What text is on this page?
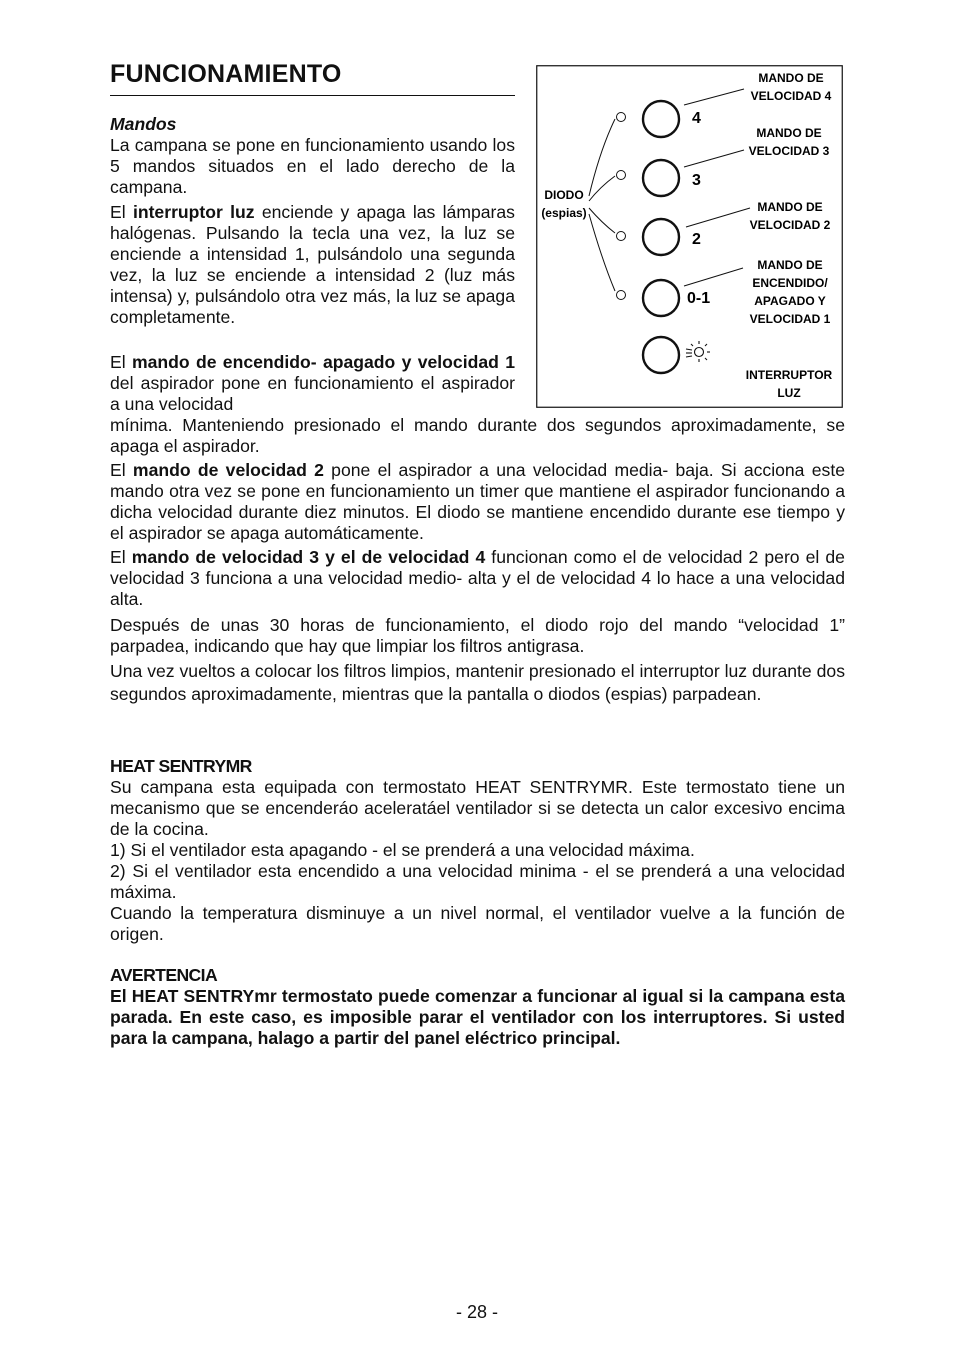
FUNCIONAMIENTO

Mandos

La campana se pone en funcionamiento usando los 5 mandos situados en el lado derecho de la campana.

El interruptor luz enciende y apaga las lámparas halógenas. Pulsando la tecla una vez, la luz se enciende a intensidad 1, pulsándolo una segunda vez, la luz se enciende a intensidad 2 (luz más intensa) y, pulsándolo otra vez más, la luz se apaga completamente.

El mando de encendido- apagado y velocidad 1 del aspirador pone en funcionamiento el aspirador a una velocidad

mínima. Manteniendo presionado el mando durante dos segundos aproximadamente, se apaga el aspirador.

El mando de velocidad 2 pone el aspirador a una velocidad media- baja. Si acciona este mando otra vez se pone en funcionamiento un timer que mantiene el aspirador funcionando a dicha velocidad durante diez minutos. El diodo se mantiene encendido durante ese tiempo y el aspirador se apaga automáticamente.

El mando de velocidad 3 y el de velocidad 4 funcionan como el de velocidad 2 pero el de velocidad 3 funciona a una velocidad medio- alta y el de velocidad 4 lo hace a una velocidad alta.

Después de unas 30 horas de funcionamiento, el diodo rojo del mando “velocidad 1” parpadea, indicando que hay que limpiar los filtros antigrasa.

Una vez vueltos a colocar los filtros limpios, mantenir presionado el interruptor luz durante dos segundos aproximadamente, mientras que la pantalla o diodos (espias) parpadean.

HEAT SENTRYMR

Su campana esta equipada con termostato HEAT SENTRYMR. Este termostato tiene un mecanismo que se encenderáo aceleratáel ventilador si se detecta un calor excesivo encima de la cocina.

1) Si el ventilador esta apagando - el se prenderá a una velocidad máxima.

2) Si el ventilador esta encendido a una velocidad minima - el se prenderá a una velocidad máxima.

Cuando la temperatura disminuye a un nivel normal, el ventilador vuelve a la función de origen.

AVERTENCIA

El HEAT SENTRYmr termostato puede comenzar a funcionar al igual si la campana esta parada. En este caso, es imposible parar el ventilador con los interruptores. Si usted para la campana, halago a partir del panel eléctrico principal.

DIODO
(espias)
4
3
2
0-1
MANDO DE
VELOCIDAD 4
MANDO DE
VELOCIDAD 3
MANDO DE
VELOCIDAD 2
MANDO DE
ENCENDIDO/
APAGADO Y
VELOCIDAD 1
INTERRUPTOR
LUZ

- 28 -
